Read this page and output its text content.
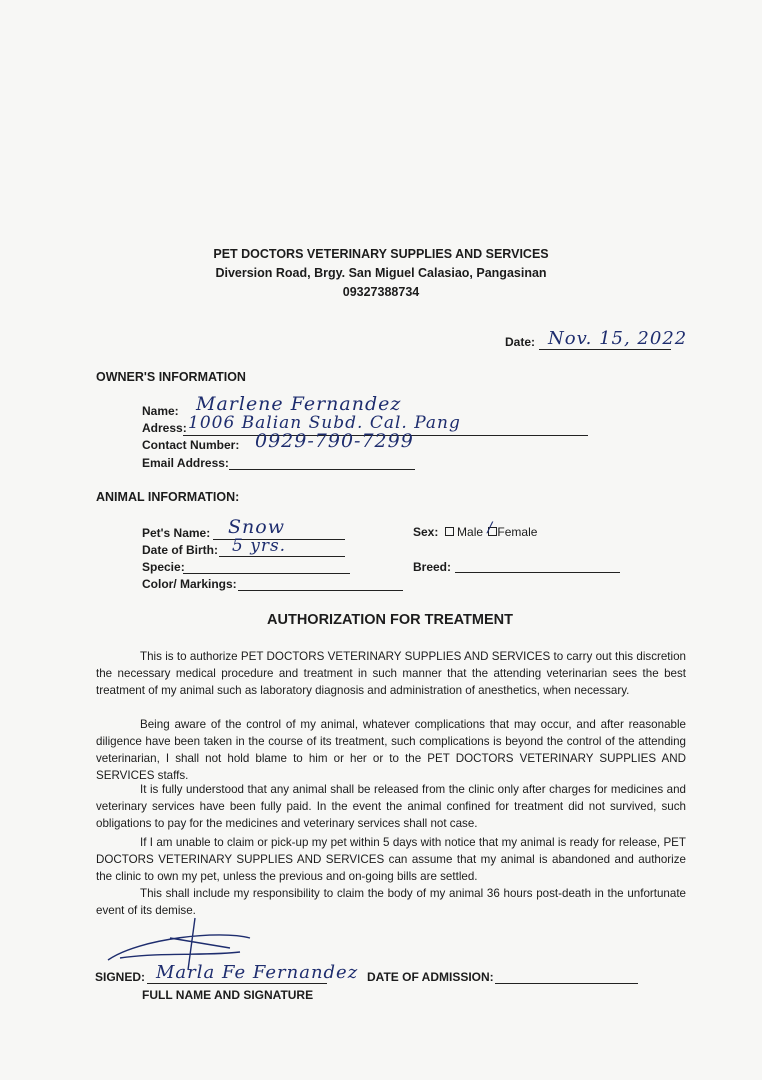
PET DOCTORS VETERINARY SUPPLIES AND SERVICES
Diversion Road, Brgy. San Miguel Calasiao, Pangasinan
09327388734
Date: Nov. 15, 2022
OWNER'S INFORMATION
Name: Marlene Fernandez
Adress: 1006 Balian Subd. Cal. Pang
Contact Number: 0929-790-7299
Email Address:
ANIMAL INFORMATION:
Pet's Name: Snow
Date of Birth: 5 yrs.
Specie:
Color/ Markings:
Sex: Male / Female
Breed:
AUTHORIZATION FOR TREATMENT

This is to authorize PET DOCTORS VETERINARY SUPPLIES AND SERVICES to carry out this discretion the necessary medical procedure and treatment in such manner that the attending veterinarian sees the best treatment of my animal such as laboratory diagnosis and administration of anesthetics, when necessary.

Being aware of the control of my animal, whatever complications that may occur, and after reasonable diligence have been taken in the course of its treatment, such complications is beyond the control of the attending veterinarian, I shall not hold blame to him or her or to the PET DOCTORS VETERINARY SUPPLIES AND SERVICES staffs.

It is fully understood that any animal shall be released from the clinic only after charges for medicines and veterinary services have been fully paid. In the event the animal confined for treatment did not survived, such obligations to pay for the medicines and veterinary services shall not case.

If I am unable to claim or pick-up my pet within 5 days with notice that my animal is ready for release, PET DOCTORS VETERINARY SUPPLIES AND SERVICES can assume that my animal is abandoned and authorize the clinic to own my pet, unless the previous and on-going bills are settled.

This shall include my responsibility to claim the body of my animal 36 hours post-death in the unfortunate event of its demise.

SIGNED: Marla Fe Fernandez
FULL NAME AND SIGNATURE
DATE OF ADMISSION:
